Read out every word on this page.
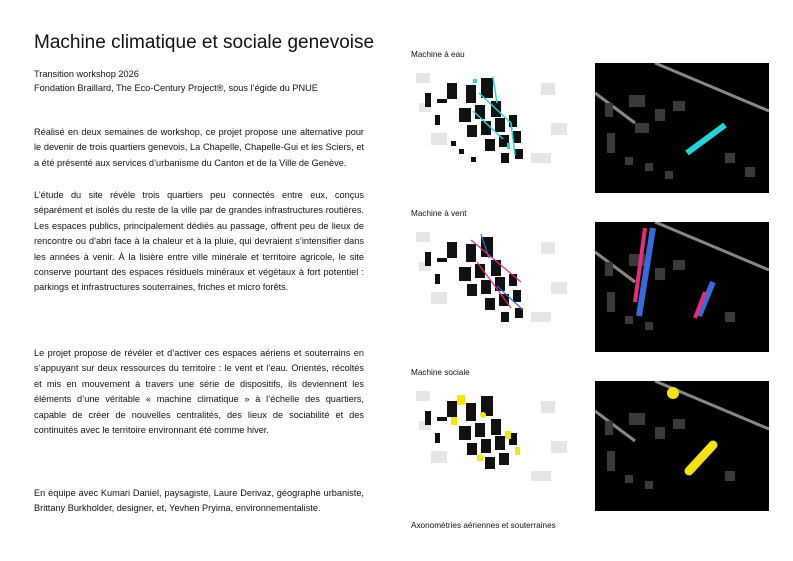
Machine climatique et sociale genevoise
Transition workshop 2026
Fondation Braillard, The Eco-Century Project®, sous l’égide du PNUE
Réalisé en deux semaines de workshop, ce projet propose une alternative pour le devenir de trois quartiers genevois, La Chapelle, Chapelle-Gui et les Sciers, et a été présenté aux services d’urbanisme du Canton et de la Ville de Genève.
L’étude du site révèle trois quartiers peu connectés entre eux, conçus séparément et isolés du reste de la ville par de grandes infrastructures routières. Les espaces publics, principalement dédiés au passage, offrent peu de lieux de rencontre ou d’abri face à la chaleur et à la pluie, qui devraient s’intensifier dans les années à venir. À la lisière entre ville minérale et territoire agricole, le site conserve pourtant des espaces résiduels minéraux et végétaux à fort potentiel : parkings et infrastructures souterraines, friches et micro forêts.
Le projet propose de révéler et d’activer ces espaces aériens et souterrains en s’appuyant sur deux ressources du territoire : le vent et l’eau. Orientés, récoltés et mis en mouvement à travers une série de dispositifs, ils deviennent les éléments d’une véritable « machine climatique » à l’échelle des quartiers, capable de créer de nouvelles centralités, des lieux de sociabilité et des continuités avec le territoire environnant été comme hiver.
En équipe avec Kumari Daniel, paysagiste, Laure Derivaz, géographe urbaniste, Brittany Burkholder, designer, et, Yevhen Pryima, environnementaliste.
Machine à eau
Machine à vent
Machine sociale
Axonométries aériennes et souterraines
